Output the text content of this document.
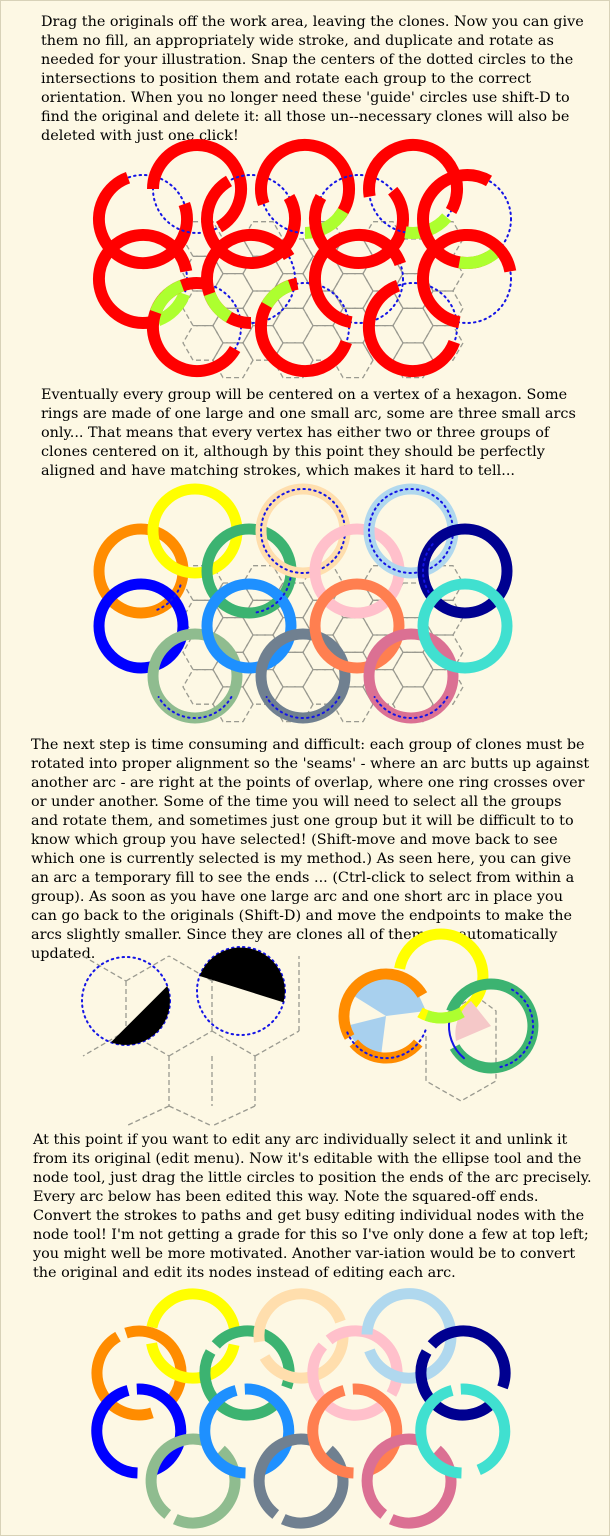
Drag the originals off the work area, leaving the clones. Now you can give them no fill, an appropriately wide stroke, and duplicate and rotate as needed for your illustration. Snap the centers of the dotted circles to the intersections to position them and rotate each group to the correct orientation. When you no longer need these 'guide' circles use shift-D to find the original and delete it: all those un--necessary clones will also be deleted with just one click!

Eventually every group will be centered on a vertex of a hexagon. Some rings are made of one large and one small arc, some are three small arcs only... That means that every vertex has either two or three groups of clones centered on it, although by this point they should be perfectly aligned and have matching strokes, which makes it hard to tell...

The next step is time consuming and difficult: each group of clones must be rotated into proper alignment so the 'seams' - where an arc butts up against another arc - are right at the points of overlap, where one ring crosses over or under another. Some of the time you will need to select all the groups and rotate them, and sometimes just one group but it will be difficult to to know which group you have selected! (Shift-move and move back to see which one is currently selected is my method.) As seen here, you can give an arc a temporary fill to see the ends ... (Ctrl-click to select from within a group). As soon as you have one large arc and one short arc in place you can go back to the originals (Shift-D) and move the endpoints to make the arcs slightly smaller. Since they are clones all of them are automatically updated.

At this point if you want to edit any arc individually select it and unlink it from its original (edit menu). Now it's editable with the ellipse tool and the node tool, just drag the little circles to position the ends of the arc precisely. Every arc below has been edited this way. Note the squared-off ends. Convert the strokes to paths and get busy editing individual nodes with the node tool! I'm not getting a grade for this so I've only done a few at top left; you might well be more motivated. Another var-iation would be to convert the original and edit its nodes instead of editing each arc.
